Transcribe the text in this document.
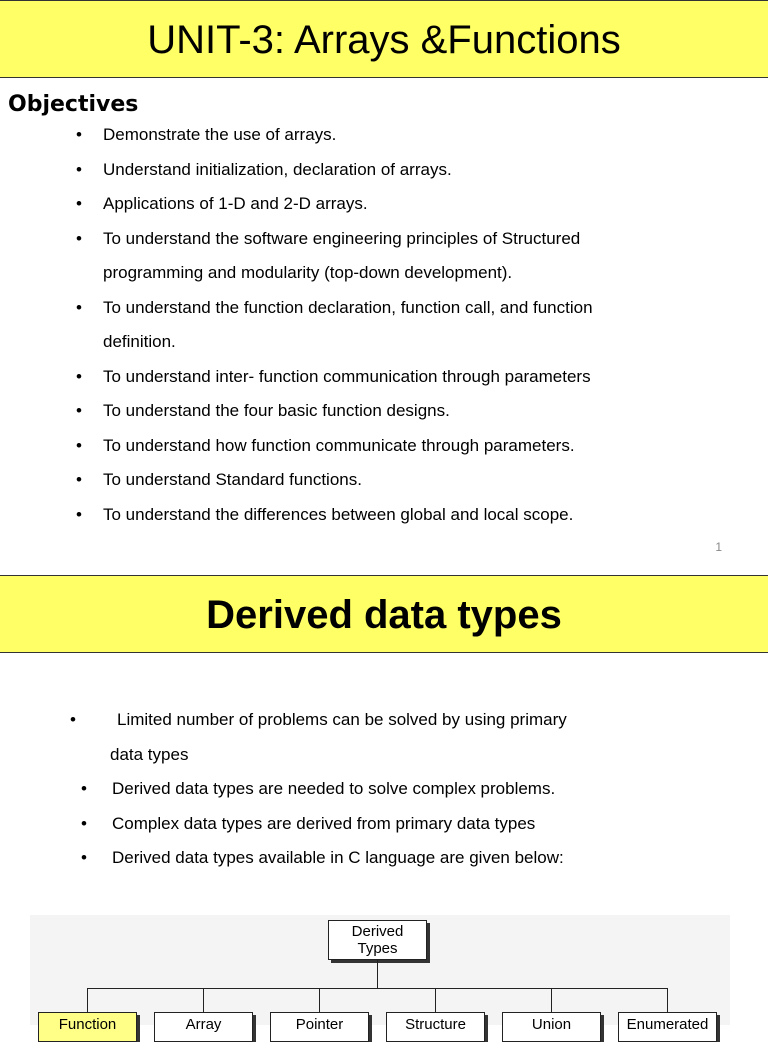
UNIT-3: Arrays &Functions
Objectives
• Demonstrate the use of arrays.
• Understand initialization, declaration of arrays.
• Applications of 1-D and 2-D arrays.
• To understand the software engineering principles of Structured programming and modularity (top-down development).
• To understand the function declaration, function call, and function definition.
• To understand inter- function communication through parameters
• To understand the four basic function designs.
• To understand how function communicate through parameters.
• To understand Standard functions.
• To understand the differences between global and local scope.
1
Derived data types
• Limited number of problems can be solved by using primary
data types
• Derived data types are needed to solve complex problems.
• Complex data types are derived from primary data types
• Derived data types available in C language are given below:
Derived
Types
Function	Array	Pointer	Structure	Union	Enumerated
